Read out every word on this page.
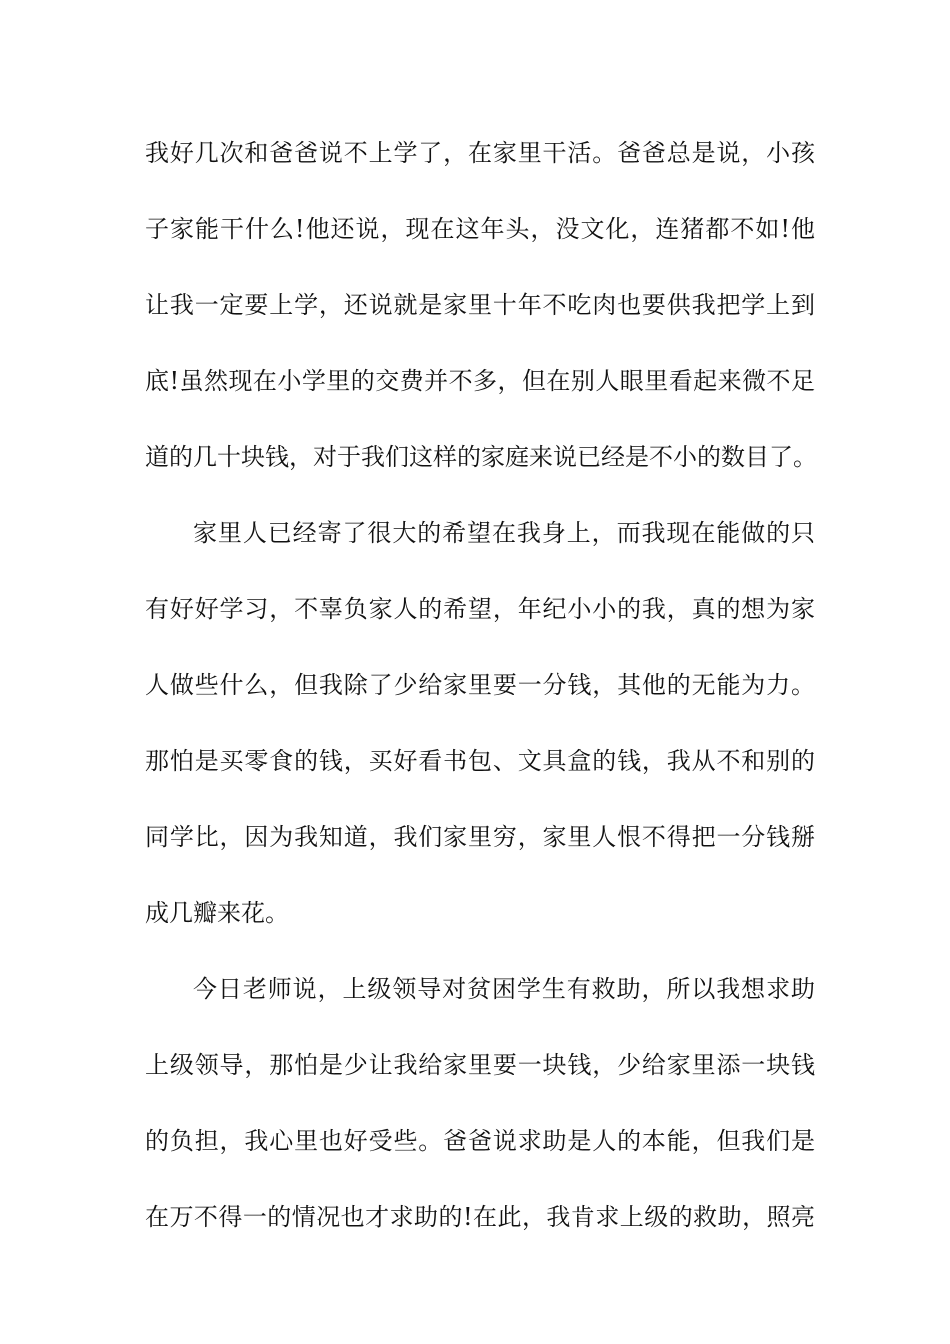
我好几次和爸爸说不上学了，在家里干活。爸爸总是说，小孩
子家能干什么!他还说，现在这年头，没文化，连猪都不如!他
让我一定要上学，还说就是家里十年不吃肉也要供我把学上到
底!虽然现在小学里的交费并不多，但在别人眼里看起来微不足
道的几十块钱，对于我们这样的家庭来说已经是不小的数目了。
家里人已经寄了很大的希望在我身上，而我现在能做的只
有好好学习，不辜负家人的希望，年纪小小的我，真的想为家
人做些什么，但我除了少给家里要一分钱，其他的无能为力。
那怕是买零食的钱，买好看书包、文具盒的钱，我从不和别的
同学比，因为我知道，我们家里穷，家里人恨不得把一分钱掰
成几瓣来花。
今日老师说，上级领导对贫困学生有救助，所以我想求助
上级领导，那怕是少让我给家里要一块钱，少给家里添一块钱
的负担，我心里也好受些。爸爸说求助是人的本能，但我们是
在万不得一的情况也才求助的!在此，我肯求上级的救助，照亮
